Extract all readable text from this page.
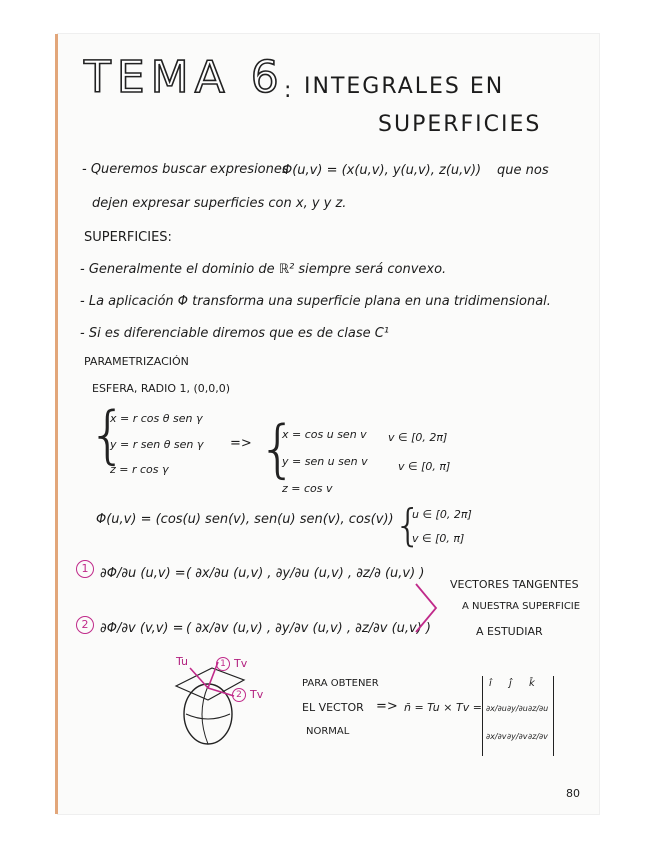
TEMA 6 : INTEGRALES EN
SUPERFICIES
- Queremos buscar expresiones
Φ(u,v) = (x(u,v), y(u,v), z(u,v)) que nos
dejen expresar superficies con x, y y z.
SUPERFICIES:
- Generalmente el dominio de ℝ² siempre será convexo.
- La aplicación Φ transforma una superficie plana en una tridimensional.
- Si es diferenciable diremos que es de clase C¹
PARAMETRIZACIÓN
ESFERA, RADIO 1, (0,0,0)
{
x = r cos θ sen γ
y = r sen θ sen γ
z = r cos γ
=> {
x = cos u sen v
y = sen u sen v
z = cos v
v ∈ [0, 2π]
v ∈ [0, π]
Φ(u,v) = (cos(u) sen(v), sen(u) sen(v), cos(v)) {
u ∈ [0, 2π]
v ∈ [0, π]
1 ∂Φ/∂u (u,v) = ( ∂x/∂u (u,v) , ∂y/∂u (u,v) , ∂z/∂ (u,v) )
2 ∂Φ/∂v (v,v) = ( ∂x/∂v (u,v) , ∂y/∂v (u,v) , ∂z/∂v (u,v) )
VECTORES TANGENTES
A NUESTRA SUPERFICIE
A ESTUDIAR
Tu	1 Tv
2 Tv
PARA OBTENER
EL VECTOR
NORMAL
=> n̄ = Tu × Tv =
î ĵ k̂
∂x/∂u ∂y/∂u ∂z/∂u
∂x/∂v ∂y/∂v ∂z/∂v
80
